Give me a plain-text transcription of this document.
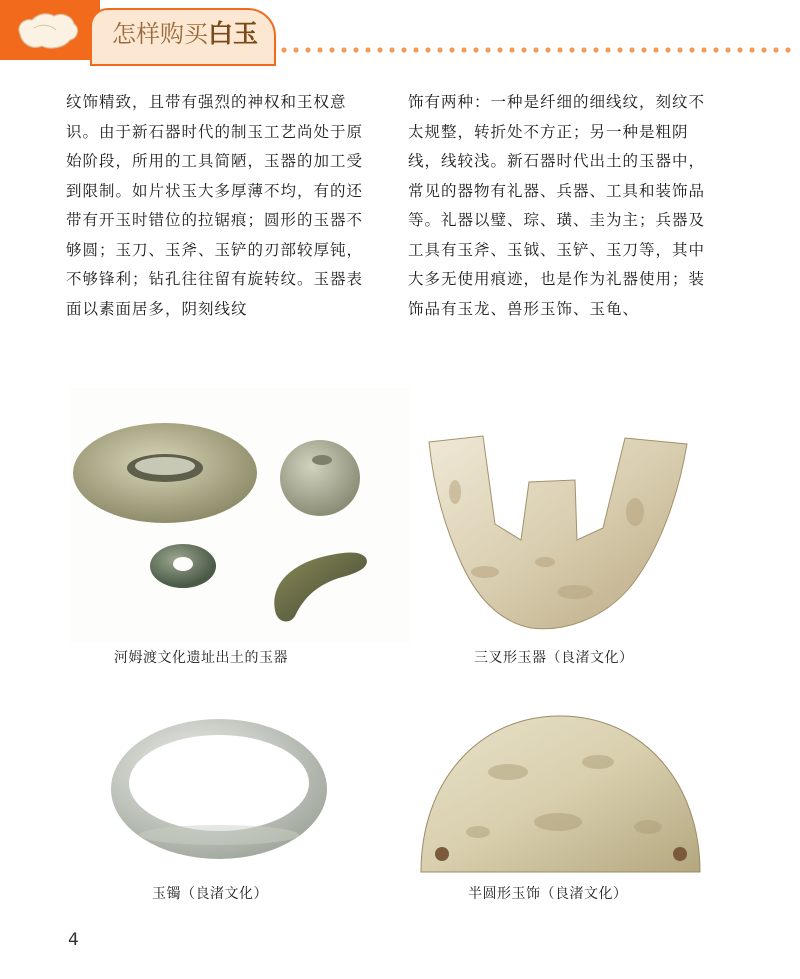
怎样购买白玉

纹饰精致，且带有强烈的神权和王权意识。由于新石器时代的制玉工艺尚处于原始阶段，所用的工具简陋，玉器的加工受到限制。如片状玉大多厚薄不均，有的还带有开玉时错位的拉锯痕；圆形的玉器不够圆；玉刀、玉斧、玉铲的刃部较厚钝，不够锋利；钻孔往往留有旋转纹。玉器表面以素面居多，阴刻线纹

饰有两种：一种是纤细的细线纹，刻纹不太规整，转折处不方正；另一种是粗阴线，线较浅。新石器时代出土的玉器中，常见的器物有礼器、兵器、工具和装饰品等。礼器以璧、琮、璜、圭为主；兵器及工具有玉斧、玉钺、玉铲、玉刀等，其中大多无使用痕迹，也是作为礼器使用；装饰品有玉龙、兽形玉饰、玉龟、

河姆渡文化遗址出土的玉器	三叉形玉器（良渚文化）
玉镯（良渚文化）	半圆形玉饰（良渚文化）
4
